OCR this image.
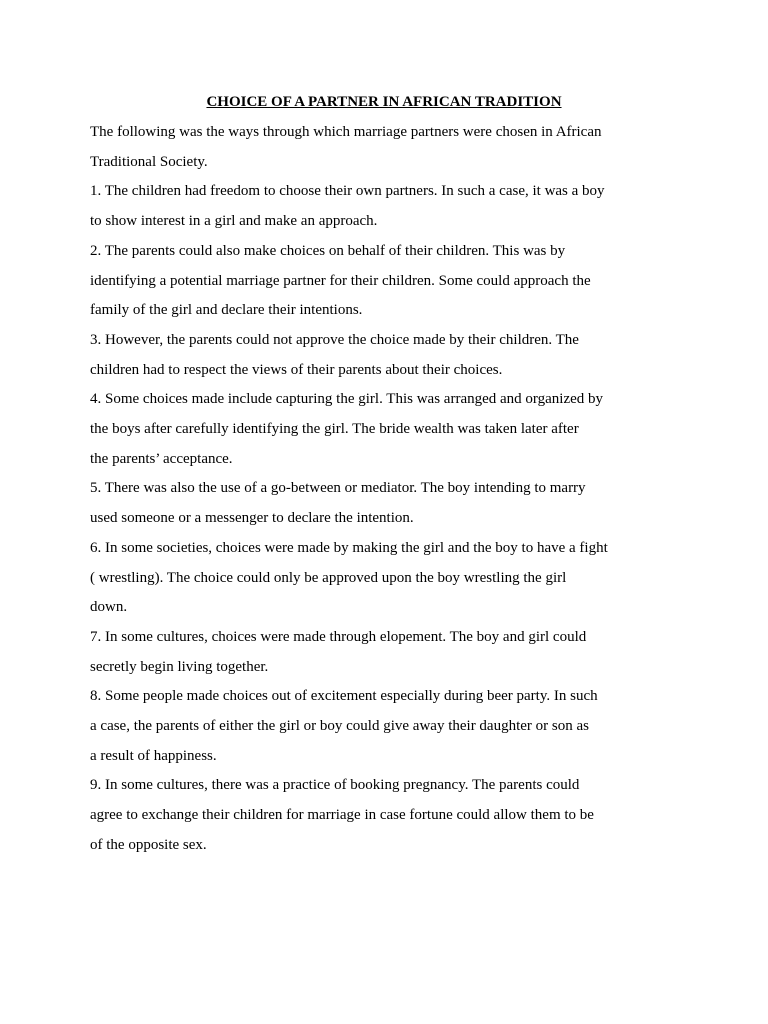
CHOICE OF A PARTNER IN AFRICAN TRADITION
The following was the ways through which marriage partners were chosen in African
Traditional Society.
1. The children had freedom to choose their own partners. In such a case, it was a boy
to show interest in a girl and make an approach.
2. The parents could also make choices on behalf of their children. This was by
identifying a potential marriage partner for their children. Some could approach the
family of the girl and declare their intentions.
3. However, the parents could not approve the choice made by their children. The
children had to respect the views of their parents about their choices.
4. Some choices made include capturing the girl. This was arranged and organized by
the boys after carefully identifying the girl. The bride wealth was taken later after
the parents’ acceptance.
5. There was also the use of a go-between or mediator. The boy intending to marry
used someone or a messenger to declare the intention.
6. In some societies, choices were made by making the girl and the boy to have a fight
( wrestling). The choice could only be approved upon the boy wrestling the girl
down.
7. In some cultures, choices were made through elopement. The boy and girl could
secretly begin living together.
8. Some people made choices out of excitement especially during beer party. In such
a case, the parents of either the girl or boy could give away their daughter or son as
a result of happiness.
9. In some cultures, there was a practice of booking pregnancy. The parents could
agree to exchange their children for marriage in case fortune could allow them to be
of the opposite sex.
